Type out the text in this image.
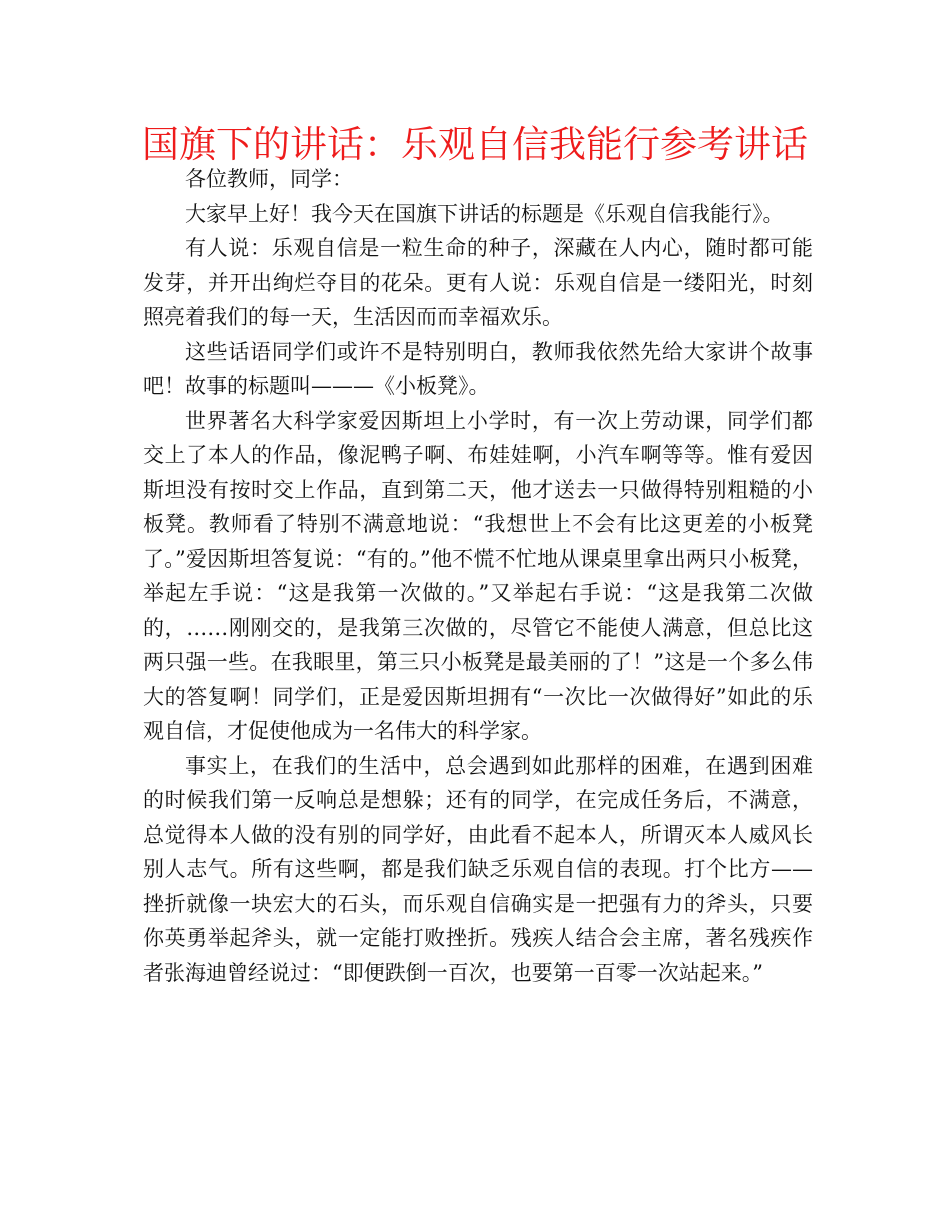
国旗下的讲话：乐观自信我能行参考讲话

各位教师，同学：

大家早上好！我今天在国旗下讲话的标题是《乐观自信我能行》。

有人说：乐观自信是一粒生命的种子，深藏在人内心，随时都可能发芽，并开出绚烂夺目的花朵。更有人说：乐观自信是一缕阳光，时刻照亮着我们的每一天，生活因而而幸福欢乐。

这些话语同学们或许不是特别明白，教师我依然先给大家讲个故事吧！故事的标题叫———《小板凳》。

世界著名大科学家爱因斯坦上小学时，有一次上劳动课，同学们都交上了本人的作品，像泥鸭子啊、布娃娃啊，小汽车啊等等。惟有爱因斯坦没有按时交上作品，直到第二天，他才送去一只做得特别粗糙的小板凳。教师看了特别不满意地说：“我想世上不会有比这更差的小板凳了。”爱因斯坦答复说：“有的。”他不慌不忙地从课桌里拿出两只小板凳，举起左手说：“这是我第一次做的。”又举起右手说：“这是我第二次做的，……刚刚交的，是我第三次做的，尽管它不能使人满意，但总比这两只强一些。在我眼里，第三只小板凳是最美丽的了！”这是一个多么伟大的答复啊！同学们，正是爱因斯坦拥有“一次比一次做得好”如此的乐观自信，才促使他成为一名伟大的科学家。

事实上，在我们的生活中，总会遇到如此那样的困难，在遇到困难的时候我们第一反响总是想躲；还有的同学，在完成任务后，不满意，总觉得本人做的没有别的同学好，由此看不起本人，所谓灭本人威风长别人志气。所有这些啊，都是我们缺乏乐观自信的表现。打个比方——挫折就像一块宏大的石头，而乐观自信确实是一把强有力的斧头，只要你英勇举起斧头，就一定能打败挫折。残疾人结合会主席，著名残疾作者张海迪曾经说过：“即便跌倒一百次，也要第一百零一次站起来。”
